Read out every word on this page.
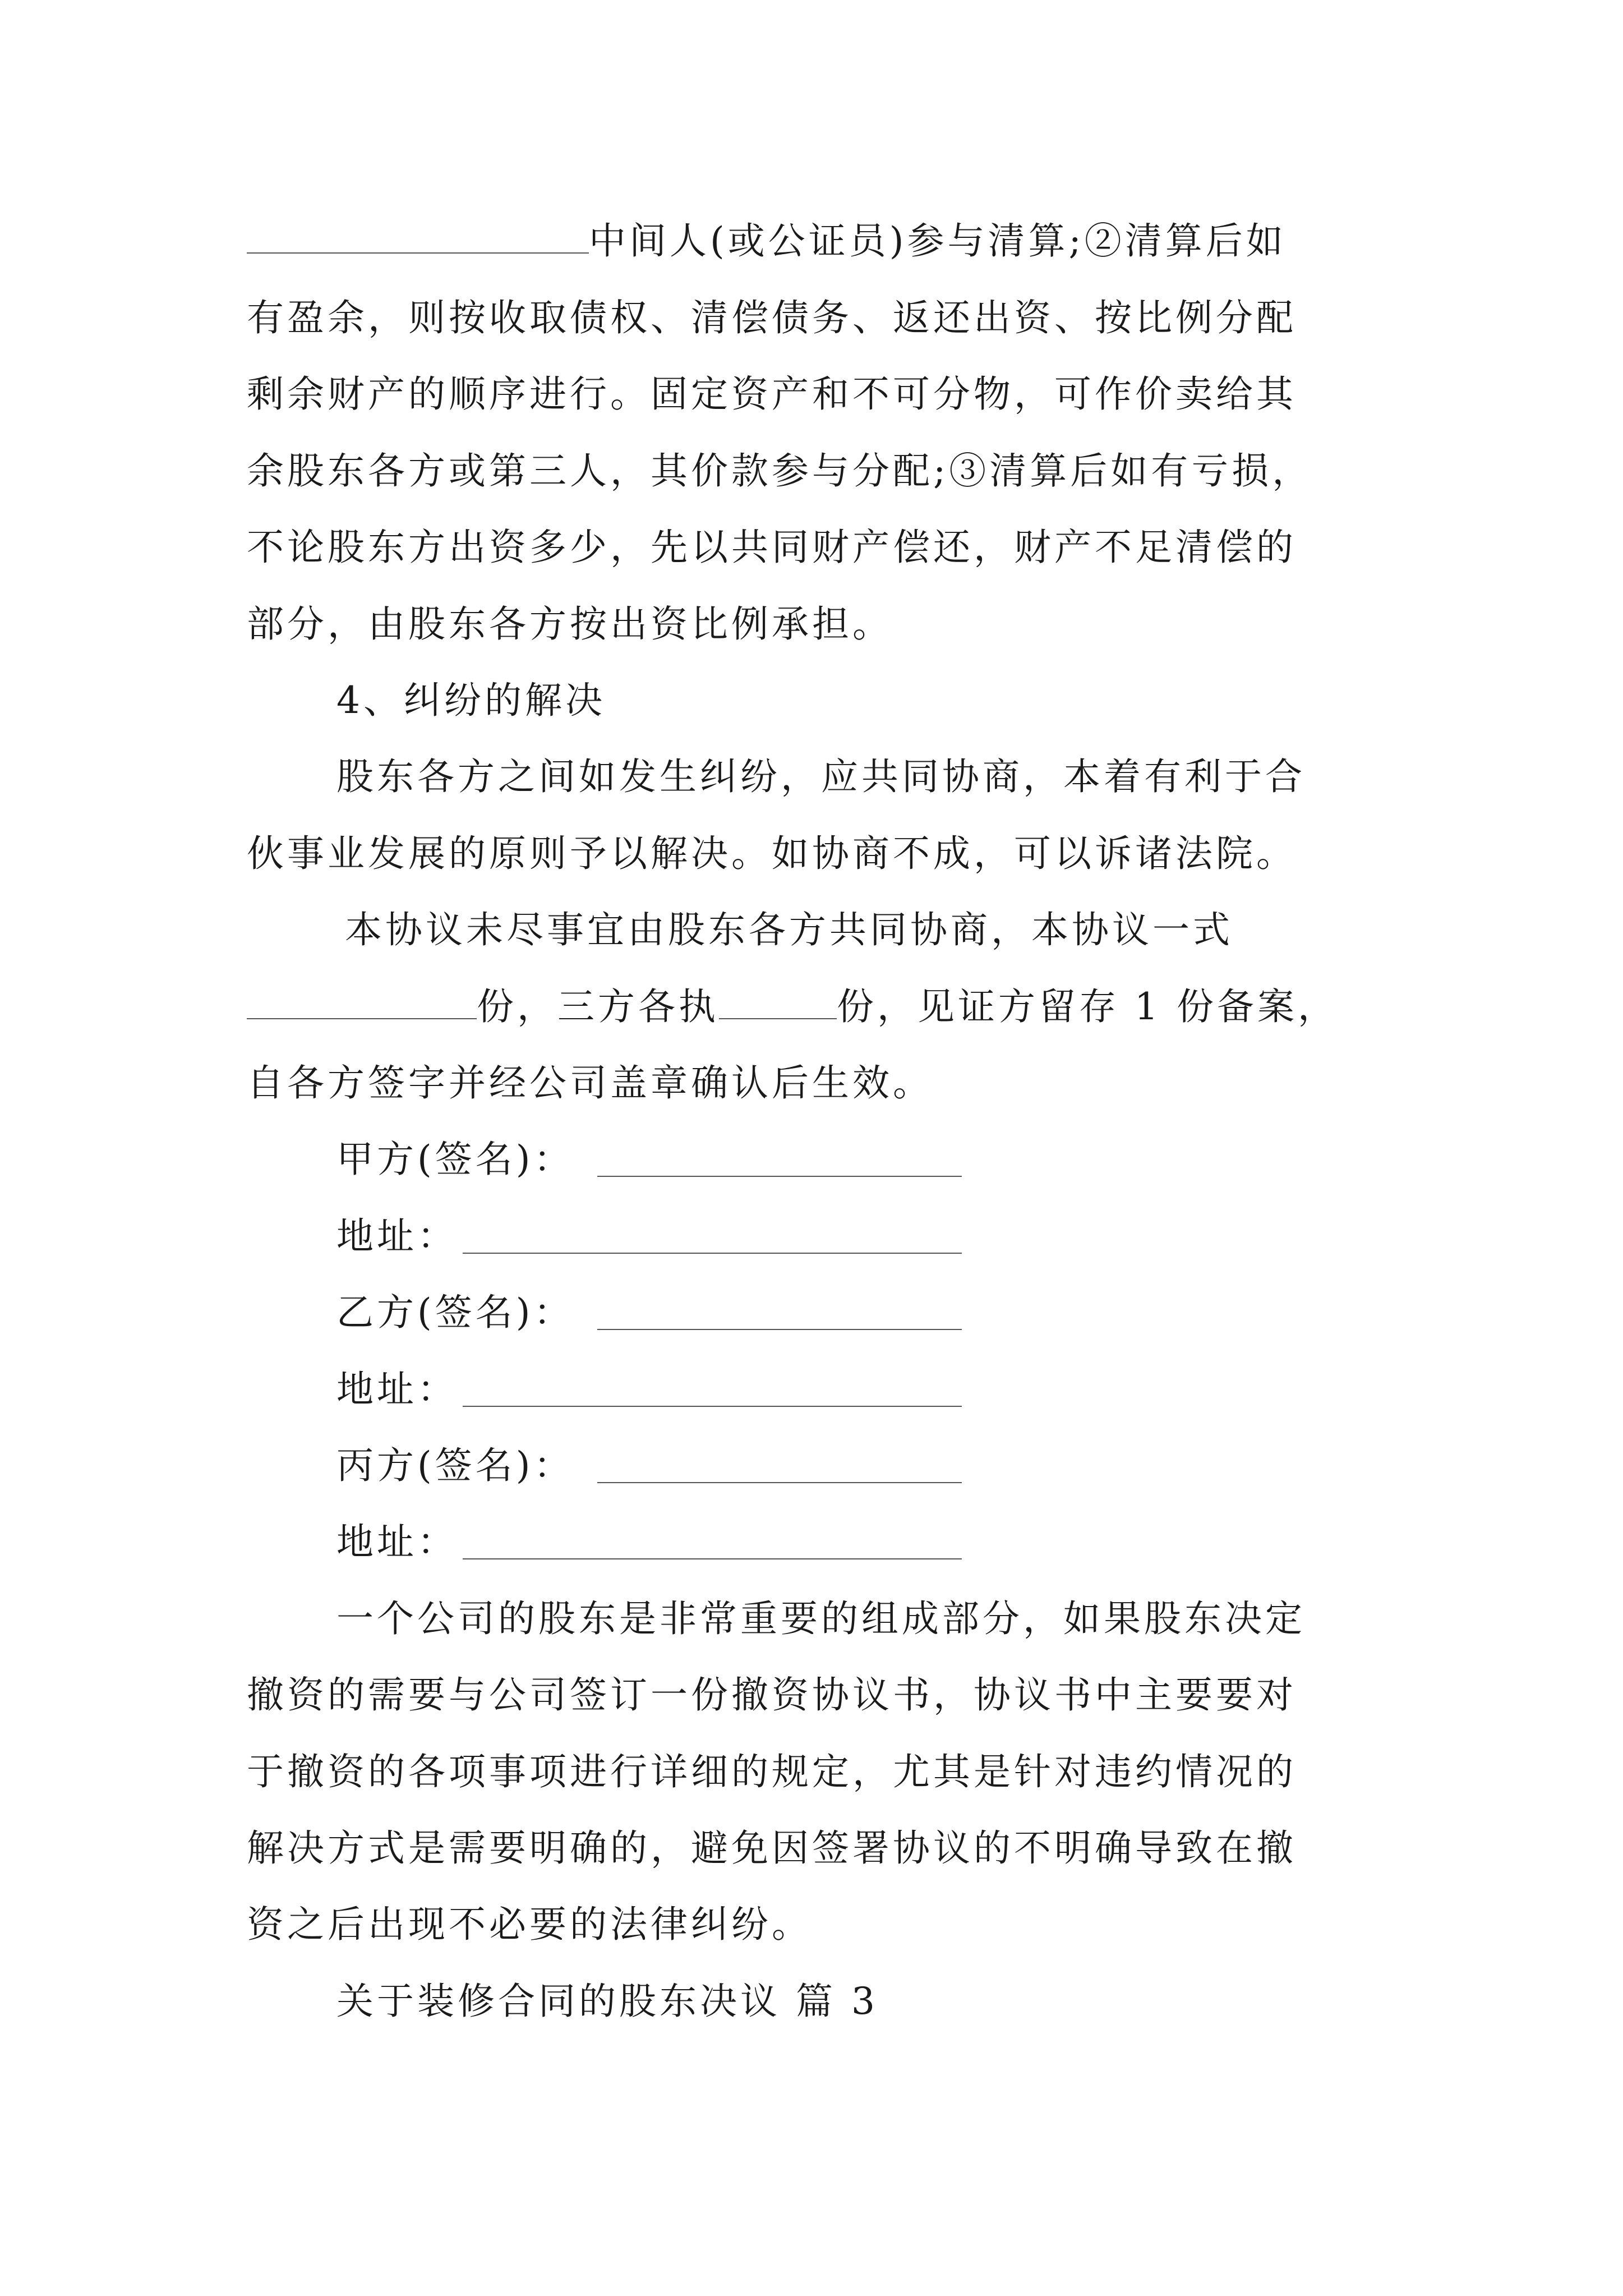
中间人(或公证员)参与清算;②清算后如
有盈余，则按收取债权、清偿债务、返还出资、按比例分配
剩余财产的顺序进行。固定资产和不可分物，可作价卖给其
余股东各方或第三人，其价款参与分配;③清算后如有亏损，
不论股东方出资多少，先以共同财产偿还，财产不足清偿的
部分，由股东各方按出资比例承担。
4、纠纷的解决
股东各方之间如发生纠纷，应共同协商，本着有利于合
伙事业发展的原则予以解决。如协商不成，可以诉诸法院。
本协议未尽事宜由股东各方共同协商，本协议一式
份，三方各执	份，见证方留存 1 份备案，
自各方签字并经公司盖章确认后生效。
甲方(签名)：
地址：
乙方(签名)：
地址：
丙方(签名)：
地址：
一个公司的股东是非常重要的组成部分，如果股东决定
撤资的需要与公司签订一份撤资协议书，协议书中主要要对
于撤资的各项事项进行详细的规定，尤其是针对违约情况的
解决方式是需要明确的，避免因签署协议的不明确导致在撤
资之后出现不必要的法律纠纷。
关于装修合同的股东决议 篇 3
